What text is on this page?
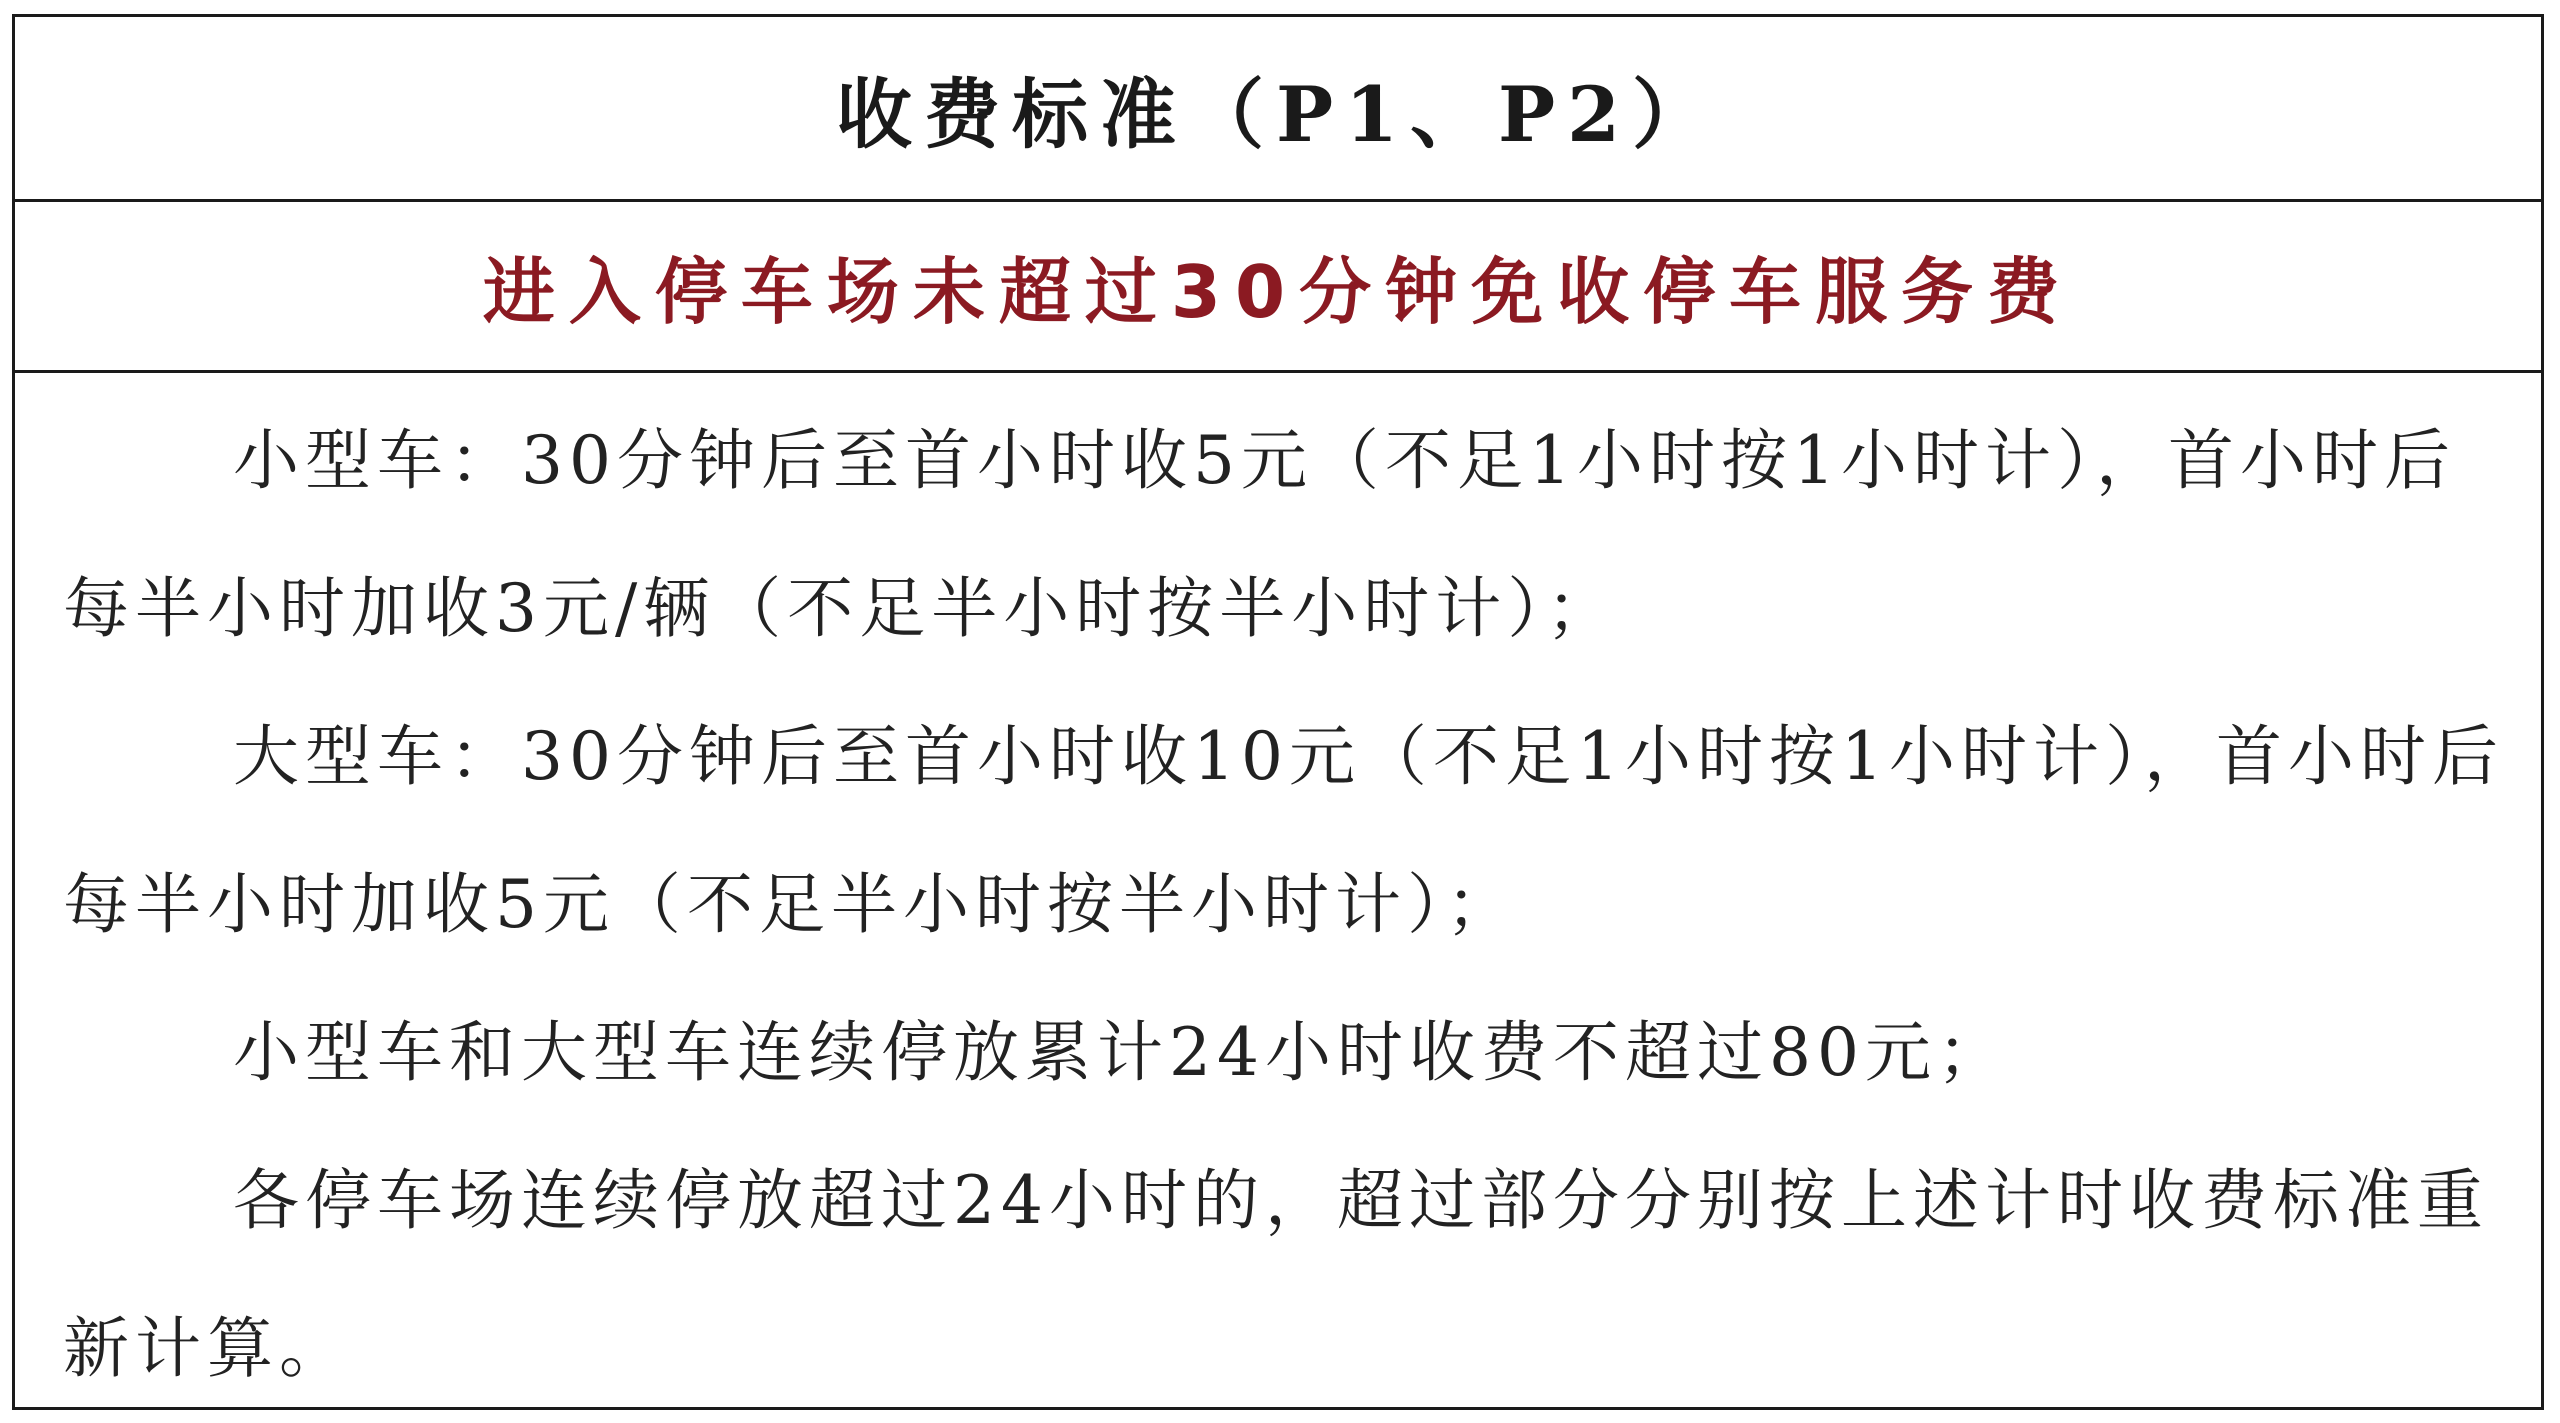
收费标准（P1、P2）
进入停车场未超过30分钟免收停车服务费

小型车：30分钟后至首小时收5元（不足1小时按1小时计），首小时后每半小时加收3元/辆（不足半小时按半小时计）；

大型车：30分钟后至首小时收10元（不足1小时按1小时计），首小时后每半小时加收5元（不足半小时按半小时计）；

小型车和大型车连续停放累计24小时收费不超过80元；

各停车场连续停放超过24小时的，超过部分分别按上述计时收费标准重新计算。
